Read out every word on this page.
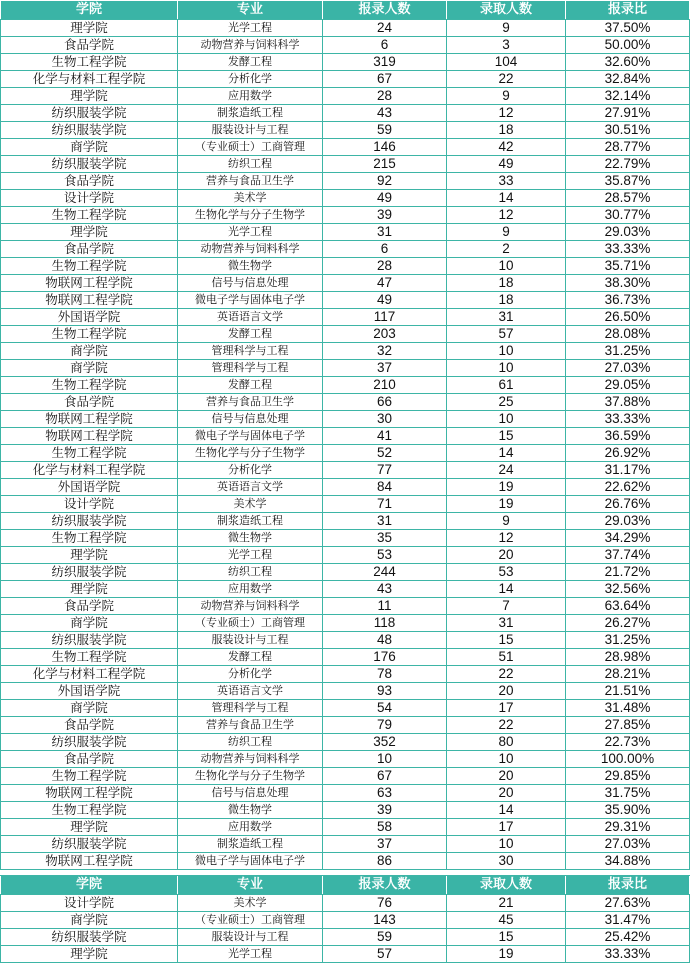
学院	专业	报录人数	录取人数	报录比
理学院	光学工程	24	9	37.50%
食品学院	动物营养与饲料科学	6	3	50.00%
生物工程学院	发酵工程	319	104	32.60%
化学与材料工程学院	分析化学	67	22	32.84%
理学院	应用数学	28	9	32.14%
纺织服装学院	制浆造纸工程	43	12	27.91%
纺织服装学院	服装设计与工程	59	18	30.51%
商学院	（专业硕士）工商管理	146	42	28.77%
纺织服装学院	纺织工程	215	49	22.79%
食品学院	营养与食品卫生学	92	33	35.87%
设计学院	美术学	49	14	28.57%
生物工程学院	生物化学与分子生物学	39	12	30.77%
理学院	光学工程	31	9	29.03%
食品学院	动物营养与饲料科学	6	2	33.33%
生物工程学院	微生物学	28	10	35.71%
物联网工程学院	信号与信息处理	47	18	38.30%
物联网工程学院	微电子学与固体电子学	49	18	36.73%
外国语学院	英语语言文学	117	31	26.50%
生物工程学院	发酵工程	203	57	28.08%
商学院	管理科学与工程	32	10	31.25%
商学院	管理科学与工程	37	10	27.03%
生物工程学院	发酵工程	210	61	29.05%
食品学院	营养与食品卫生学	66	25	37.88%
物联网工程学院	信号与信息处理	30	10	33.33%
物联网工程学院	微电子学与固体电子学	41	15	36.59%
生物工程学院	生物化学与分子生物学	52	14	26.92%
化学与材料工程学院	分析化学	77	24	31.17%
外国语学院	英语语言文学	84	19	22.62%
设计学院	美术学	71	19	26.76%
纺织服装学院	制浆造纸工程	31	9	29.03%
生物工程学院	微生物学	35	12	34.29%
理学院	光学工程	53	20	37.74%
纺织服装学院	纺织工程	244	53	21.72%
理学院	应用数学	43	14	32.56%
食品学院	动物营养与饲料科学	11	7	63.64%
商学院	（专业硕士）工商管理	118	31	26.27%
纺织服装学院	服装设计与工程	48	15	31.25%
生物工程学院	发酵工程	176	51	28.98%
化学与材料工程学院	分析化学	78	22	28.21%
外国语学院	英语语言文学	93	20	21.51%
商学院	管理科学与工程	54	17	31.48%
食品学院	营养与食品卫生学	79	22	27.85%
纺织服装学院	纺织工程	352	80	22.73%
食品学院	动物营养与饲料科学	10	10	100.00%
生物工程学院	生物化学与分子生物学	67	20	29.85%
物联网工程学院	信号与信息处理	63	20	31.75%
生物工程学院	微生物学	39	14	35.90%
理学院	应用数学	58	17	29.31%
纺织服装学院	制浆造纸工程	37	10	27.03%
物联网工程学院	微电子学与固体电子学	86	30	34.88%

学院	专业	报录人数	录取人数	报录比
设计学院	美术学	76	21	27.63%
商学院	（专业硕士）工商管理	143	45	31.47%
纺织服装学院	服装设计与工程	59	15	25.42%
理学院	光学工程	57	19	33.33%
